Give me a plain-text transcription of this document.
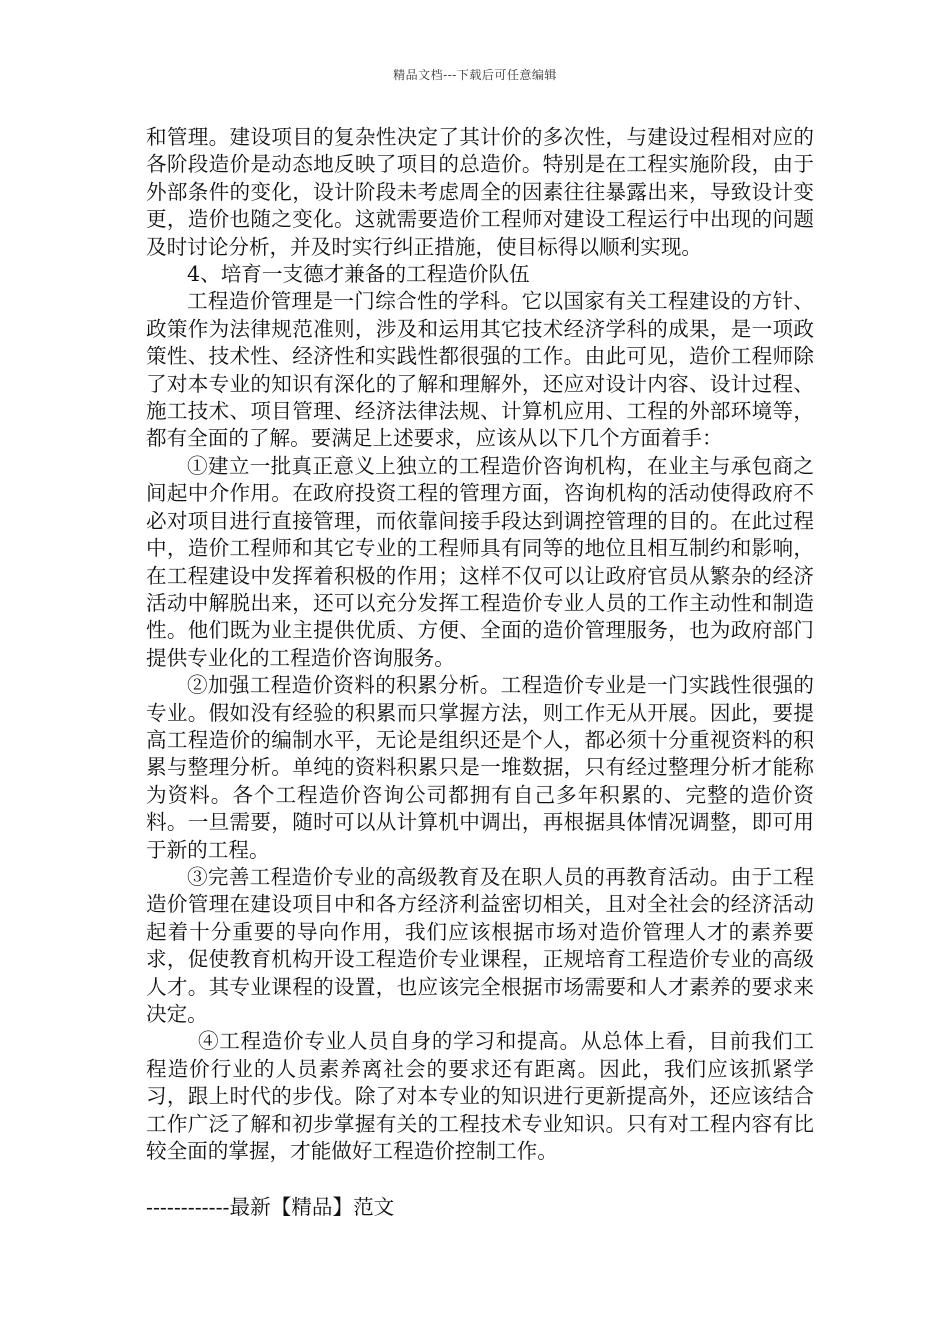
精品文档---下载后可任意编辑

和管理。建设项目的复杂性决定了其计价的多次性，与建设过程相对应的各阶段造价是动态地反映了项目的总造价。特别是在工程实施阶段，由于外部条件的变化，设计阶段未考虑周全的因素往往暴露出来，导致设计变更，造价也随之变化。这就需要造价工程师对建设工程运行中出现的问题及时讨论分析，并及时实行纠正措施，使目标得以顺利实现。

4、培育一支德才兼备的工程造价队伍

工程造价管理是一门综合性的学科。它以国家有关工程建设的方针、政策作为法律规范准则，涉及和运用其它技术经济学科的成果，是一项政策性、技术性、经济性和实践性都很强的工作。由此可见，造价工程师除了对本专业的知识有深化的了解和理解外，还应对设计内容、设计过程、施工技术、项目管理、经济法律法规、计算机应用、工程的外部环境等，都有全面的了解。要满足上述要求，应该从以下几个方面着手：

①建立一批真正意义上独立的工程造价咨询机构，在业主与承包商之间起中介作用。在政府投资工程的管理方面，咨询机构的活动使得政府不必对项目进行直接管理，而依靠间接手段达到调控管理的目的。在此过程中，造价工程师和其它专业的工程师具有同等的地位且相互制约和影响，在工程建设中发挥着积极的作用；这样不仅可以让政府官员从繁杂的经济活动中解脱出来，还可以充分发挥工程造价专业人员的工作主动性和制造性。他们既为业主提供优质、方便、全面的造价管理服务，也为政府部门提供专业化的工程造价咨询服务。

②加强工程造价资料的积累分析。工程造价专业是一门实践性很强的专业。假如没有经验的积累而只掌握方法，则工作无从开展。因此，要提高工程造价的编制水平，无论是组织还是个人，都必须十分重视资料的积累与整理分析。单纯的资料积累只是一堆数据，只有经过整理分析才能称为资料。各个工程造价咨询公司都拥有自己多年积累的、完整的造价资料。一旦需要，随时可以从计算机中调出，再根据具体情况调整，即可用于新的工程。

③完善工程造价专业的高级教育及在职人员的再教育活动。由于工程造价管理在建设项目中和各方经济利益密切相关，且对全社会的经济活动起着十分重要的导向作用，我们应该根据市场对造价管理人才的素养要求，促使教育机构开设工程造价专业课程，正规培育工程造价专业的高级人才。其专业课程的设置，也应该完全根据市场需要和人才素养的要求来决定。

④工程造价专业人员自身的学习和提高。从总体上看，目前我们工程造价行业的人员素养离社会的要求还有距离。因此，我们应该抓紧学习，跟上时代的步伐。除了对本专业的知识进行更新提高外，还应该结合工作广泛了解和初步掌握有关的工程技术专业知识。只有对工程内容有比较全面的掌握，才能做好工程造价控制工作。

------------最新【精品】范文
